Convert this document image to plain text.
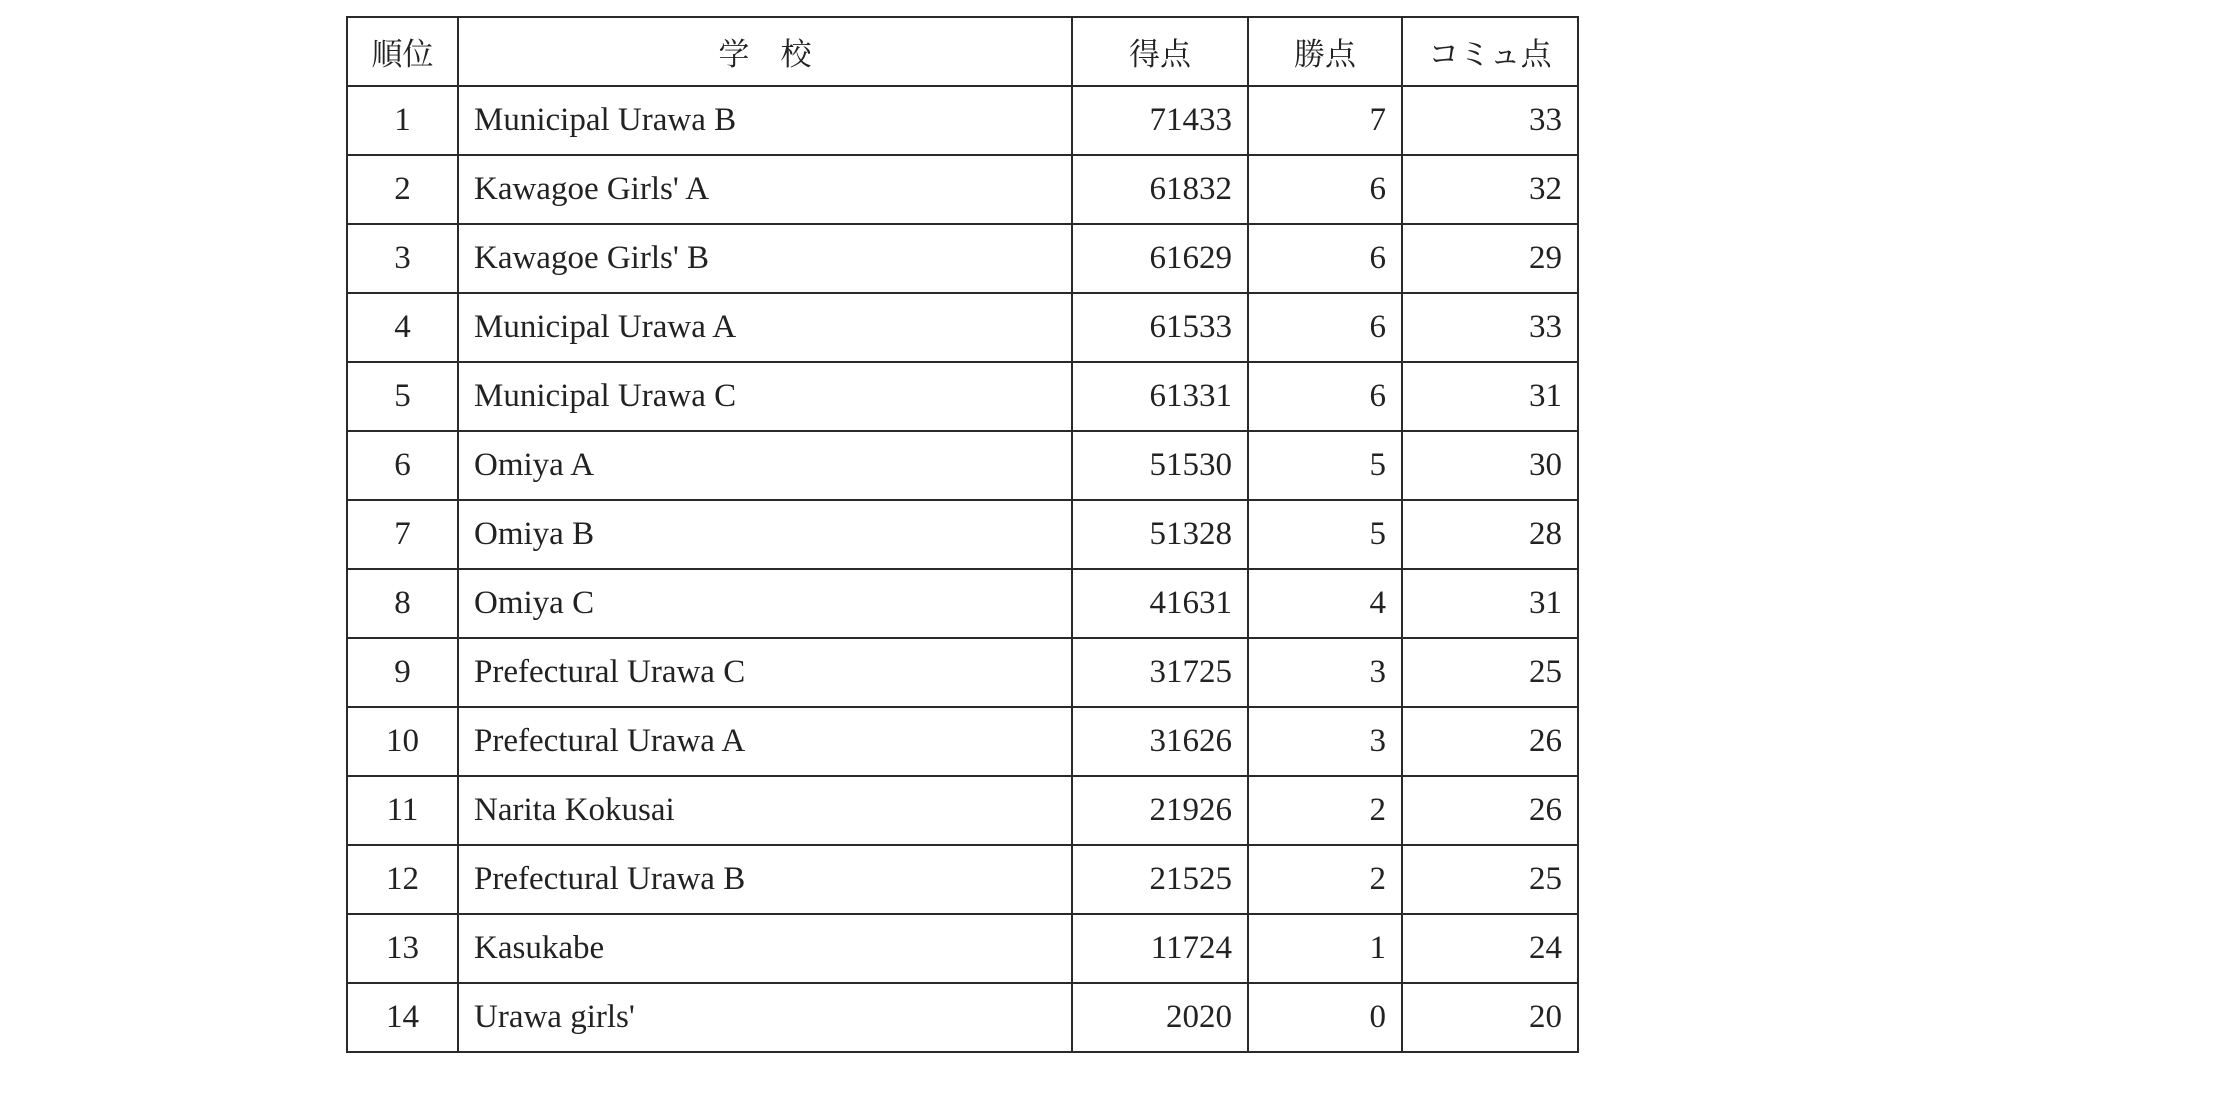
順位	学　校	得点	勝点	コミュ点
1	Municipal Urawa B	71433	7	33
2	Kawagoe Girls' A	61832	6	32
3	Kawagoe Girls' B	61629	6	29
4	Municipal Urawa A	61533	6	33
5	Municipal Urawa C	61331	6	31
6	Omiya A	51530	5	30
7	Omiya B	51328	5	28
8	Omiya C	41631	4	31
9	Prefectural Urawa C	31725	3	25
10	Prefectural Urawa A	31626	3	26
11	Narita Kokusai	21926	2	26
12	Prefectural Urawa B	21525	2	25
13	Kasukabe	11724	1	24
14	Urawa girls'	2020	0	20
